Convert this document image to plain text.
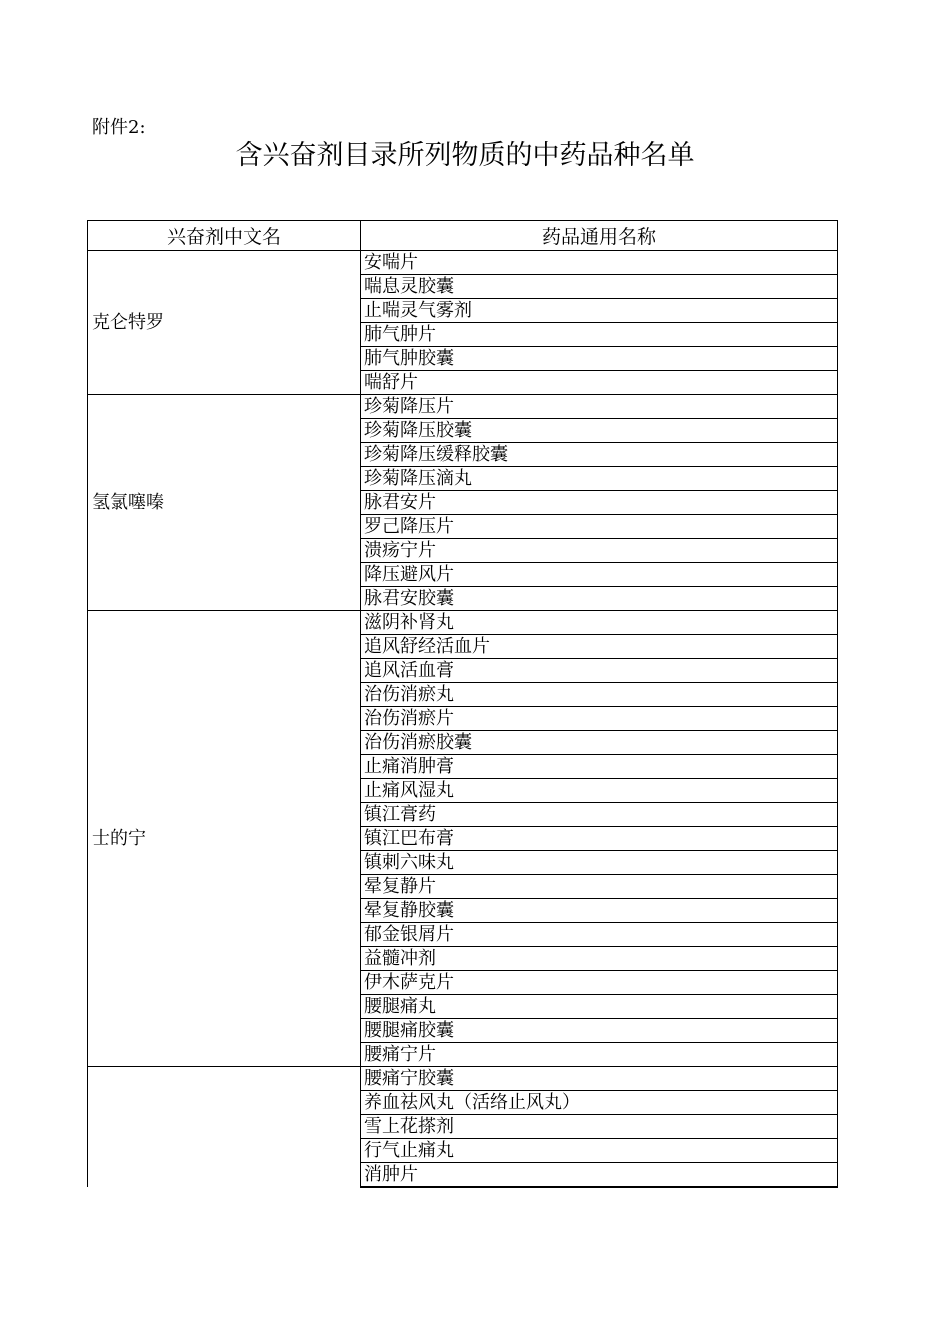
附件2:
含兴奋剂目录所列物质的中药品种名单
兴奋剂中文名	药品通用名称
克仑特罗	安喘片
	喘息灵胶囊
	止喘灵气雾剂
	肺气肿片
	肺气肿胶囊
	喘舒片
氢氯噻嗪	珍菊降压片
	珍菊降压胶囊
	珍菊降压缓释胶囊
	珍菊降压滴丸
	脉君安片
	罗己降压片
	溃疡宁片
	降压避风片
	脉君安胶囊
士的宁	滋阴补肾丸
	追风舒经活血片
	追风活血膏
	治伤消瘀丸
	治伤消瘀片
	治伤消瘀胶囊
	止痛消肿膏
	止痛风湿丸
	镇江膏药
	镇江巴布膏
	镇刺六味丸
	晕复静片
	晕复静胶囊
	郁金银屑片
	益髓冲剂
	伊木萨克片
	腰腿痛丸
	腰腿痛胶囊
	腰痛宁片
	腰痛宁胶囊
	养血祛风丸（活络止风丸）
	雪上花搽剂
	行气止痛丸
	消肿片
